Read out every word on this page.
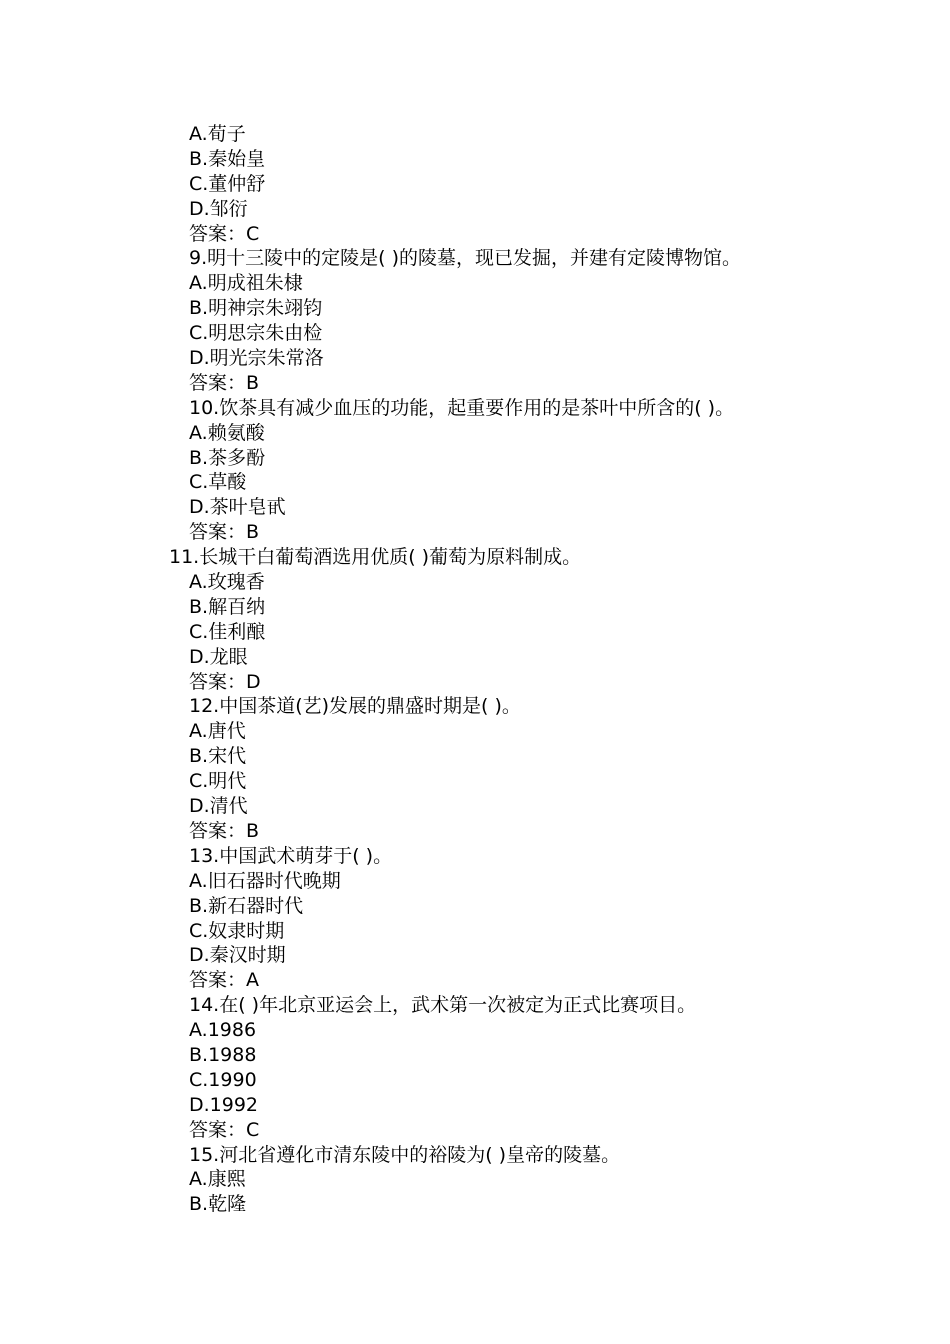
A.荀子
B.秦始皇
C.董仲舒
D.邹衍
答案：C
9.明十三陵中的定陵是( )的陵墓，现已发掘，并建有定陵博物馆。
A.明成祖朱棣
B.明神宗朱翊钧
C.明思宗朱由检
D.明光宗朱常洛
答案：B
10.饮茶具有减少血压的功能，起重要作用的是茶叶中所含的( )。
A.赖氨酸
B.茶多酚
C.草酸
D.茶叶皂甙
答案：B
11.长城干白葡萄酒选用优质( )葡萄为原料制成。
A.玫瑰香
B.解百纳
C.佳利酿
D.龙眼
答案：D
12.中国茶道(艺)发展的鼎盛时期是( )。
A.唐代
B.宋代
C.明代
D.清代
答案：B
13.中国武术萌芽于( )。
A.旧石器时代晚期
B.新石器时代
C.奴隶时期
D.秦汉时期
答案：A
14.在( )年北京亚运会上，武术第一次被定为正式比赛项目。
A.1986
B.1988
C.1990
D.1992
答案：C
15.河北省遵化市清东陵中的裕陵为( )皇帝的陵墓。
A.康熙
B.乾隆
